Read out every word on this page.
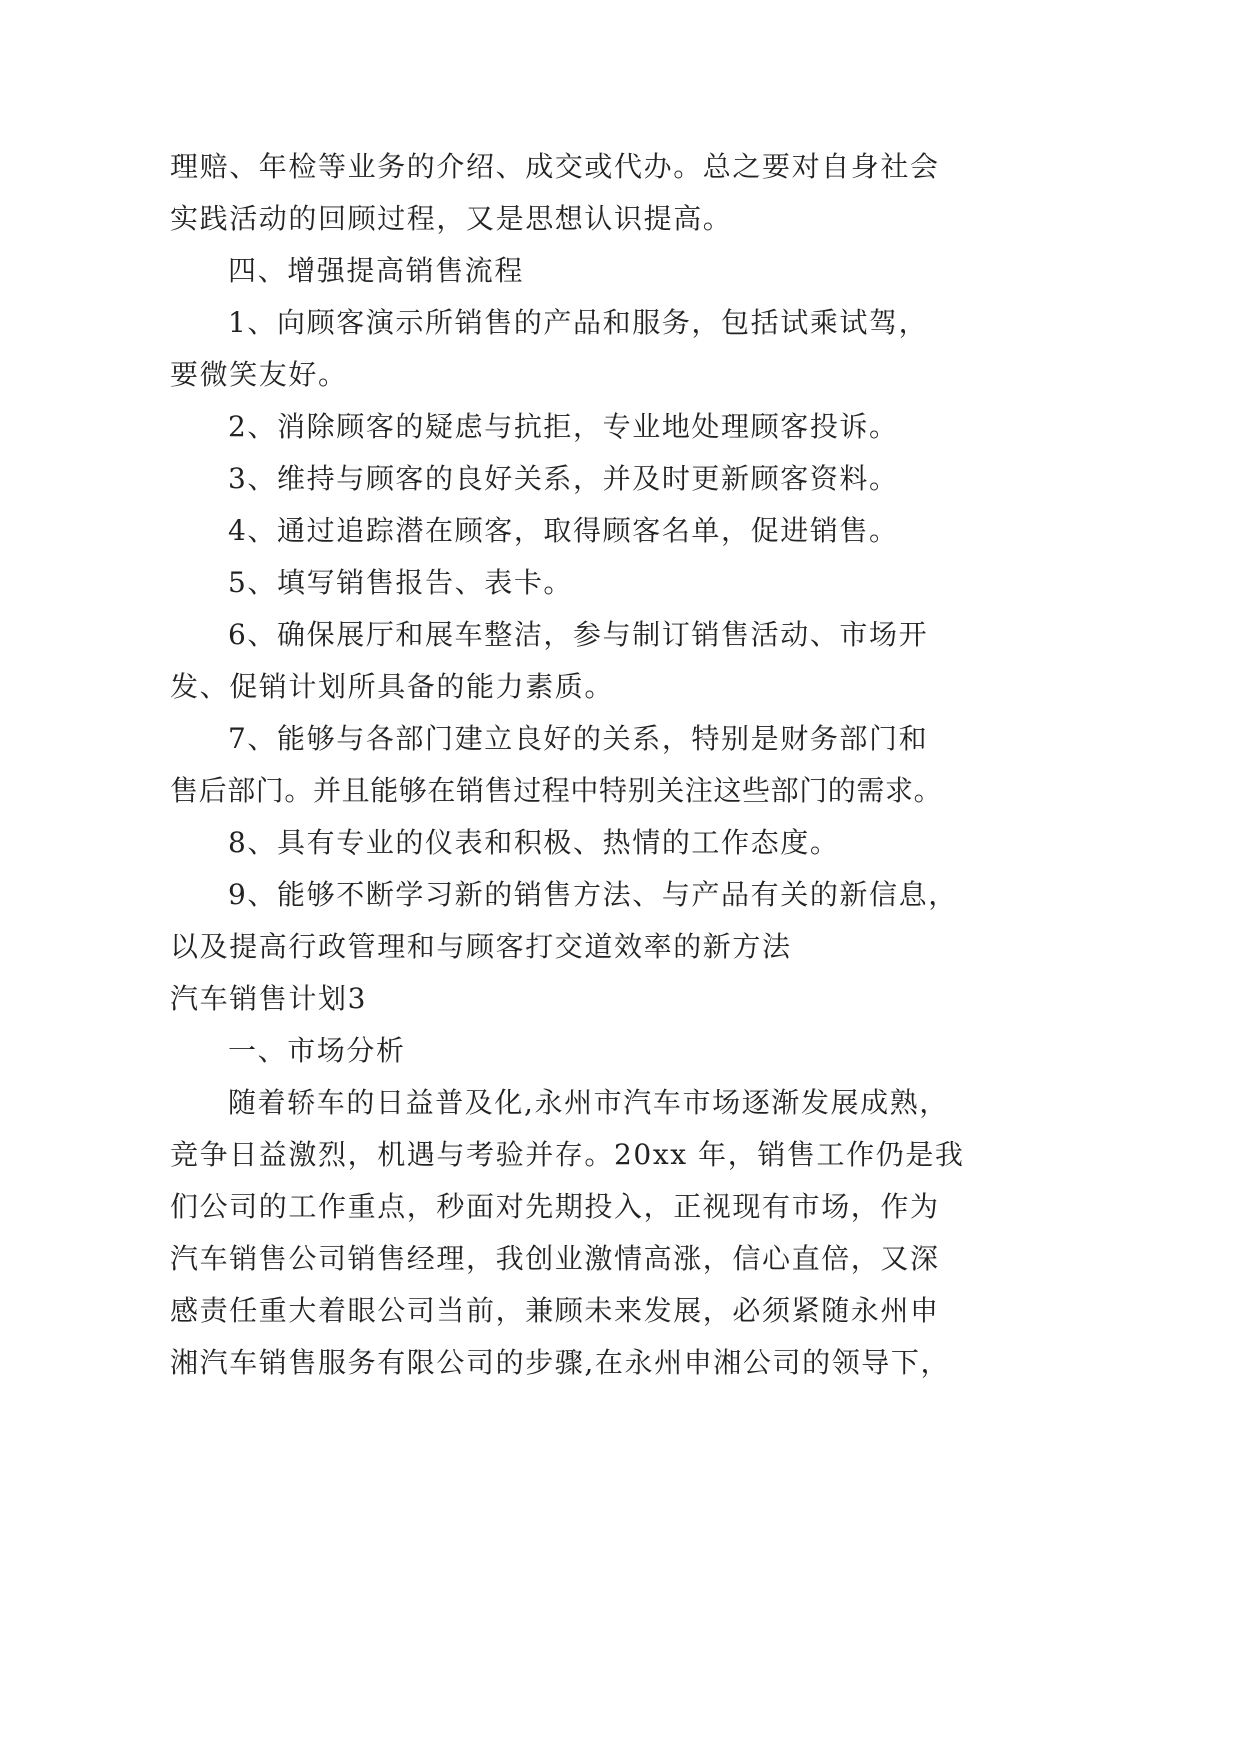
理赔、年检等业务的介绍、成交或代办。总之要对自身社会
实践活动的回顾过程，又是思想认识提高。
四、增强提高销售流程
1、向顾客演示所销售的产品和服务，包括试乘试驾，
要微笑友好。
2、消除顾客的疑虑与抗拒，专业地处理顾客投诉。
3、维持与顾客的良好关系，并及时更新顾客资料。
4、通过追踪潜在顾客，取得顾客名单，促进销售。
5、填写销售报告、表卡。
6、确保展厅和展车整洁，参与制订销售活动、市场开
发、促销计划所具备的能力素质。
7、能够与各部门建立良好的关系，特别是财务部门和
售后部门。并且能够在销售过程中特别关注这些部门的需求。
8、具有专业的仪表和积极、热情的工作态度。
9、能够不断学习新的销售方法、与产品有关的新信息，
以及提高行政管理和与顾客打交道效率的新方法
汽车销售计划3
一、市场分析
随着轿车的日益普及化,永州市汽车市场逐渐发展成熟，
竞争日益激烈，机遇与考验并存。20xx 年，销售工作仍是我
们公司的工作重点，秒面对先期投入，正视现有市场，作为
汽车销售公司销售经理，我创业激情高涨，信心直倍，又深
感责任重大着眼公司当前，兼顾未来发展，必须紧随永州申
湘汽车销售服务有限公司的步骤,在永州申湘公司的领导下，
